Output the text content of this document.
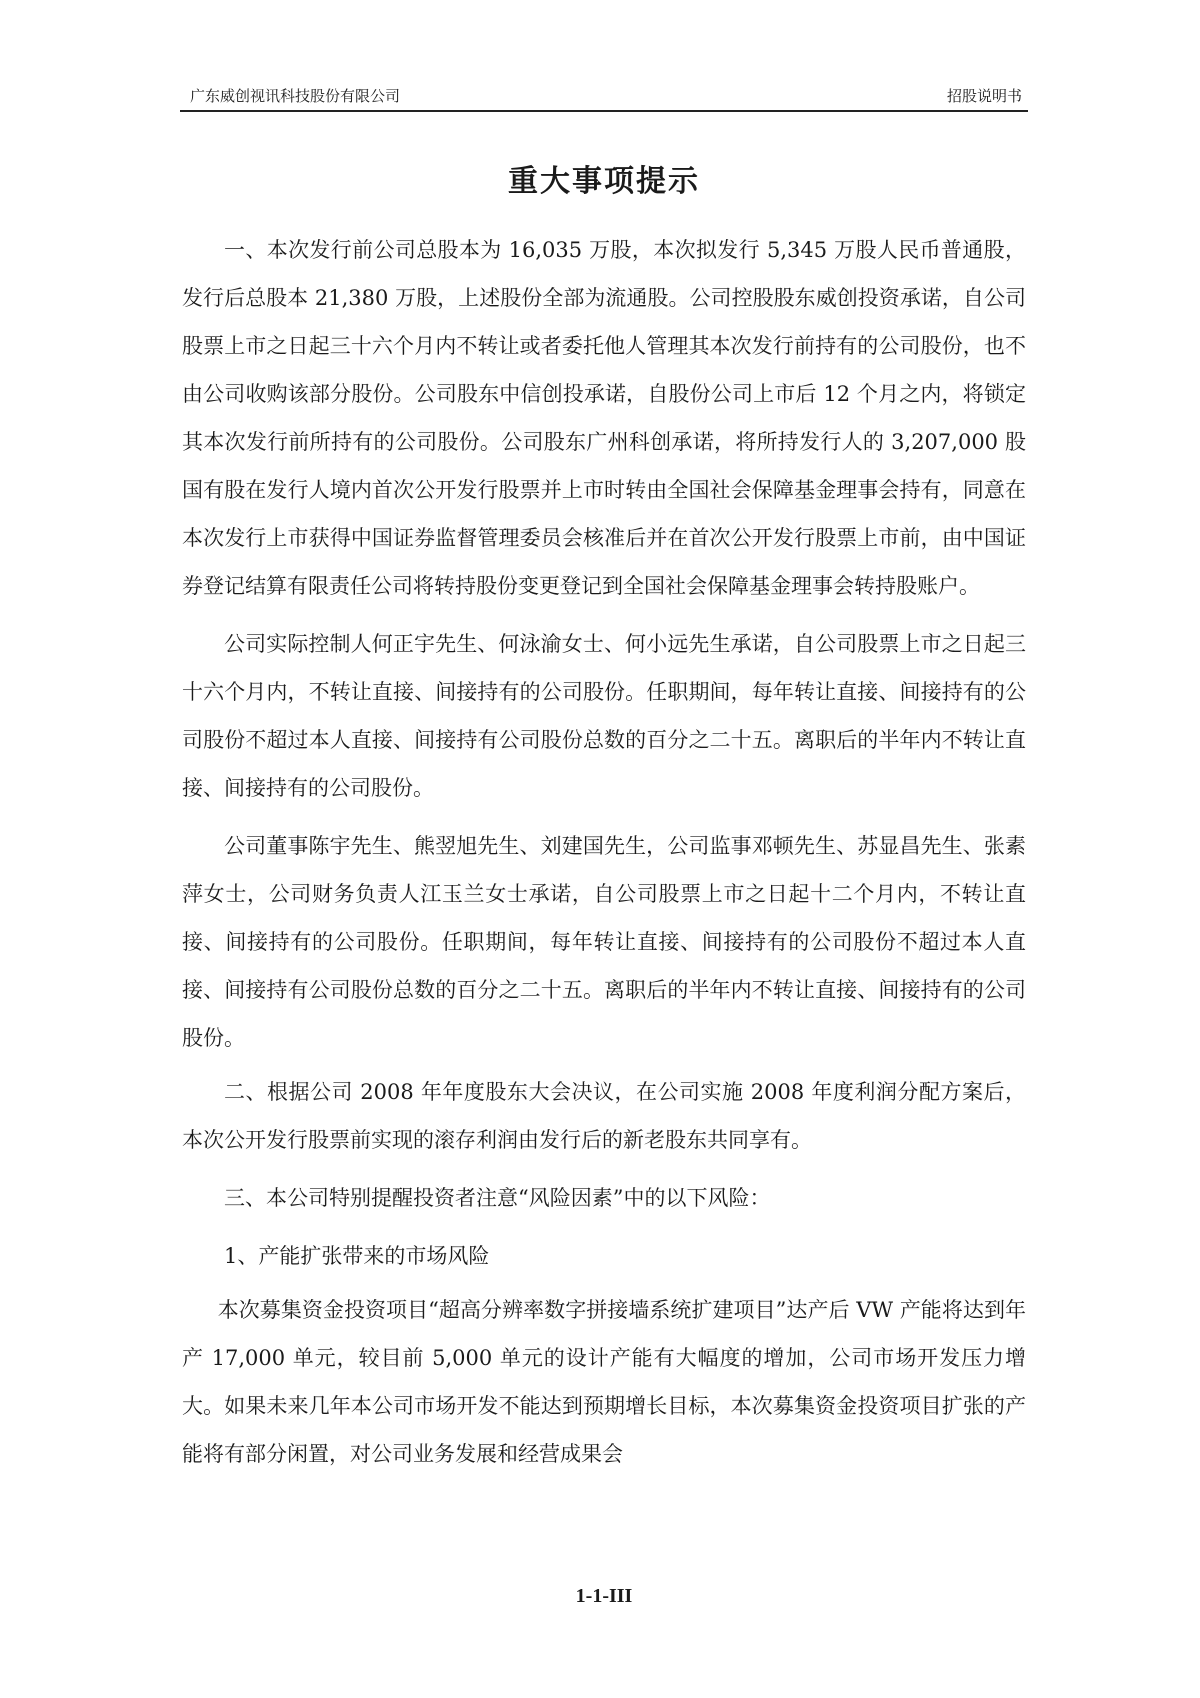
广东威创视讯科技股份有限公司	招股说明书
重大事项提示

一、本次发行前公司总股本为 16,035 万股，本次拟发行 5,345 万股人民币普通股，发行后总股本 21,380 万股，上述股份全部为流通股。公司控股股东威创投资承诺，自公司股票上市之日起三十六个月内不转让或者委托他人管理其本次发行前持有的公司股份，也不由公司收购该部分股份。公司股东中信创投承诺，自股份公司上市后 12 个月之内，将锁定其本次发行前所持有的公司股份。公司股东广州科创承诺，将所持发行人的 3,207,000 股国有股在发行人境内首次公开发行股票并上市时转由全国社会保障基金理事会持有，同意在本次发行上市获得中国证券监督管理委员会核准后并在首次公开发行股票上市前，由中国证券登记结算有限责任公司将转持股份变更登记到全国社会保障基金理事会转持股账户。

公司实际控制人何正宇先生、何泳渝女士、何小远先生承诺，自公司股票上市之日起三十六个月内，不转让直接、间接持有的公司股份。任职期间，每年转让直接、间接持有的公司股份不超过本人直接、间接持有公司股份总数的百分之二十五。离职后的半年内不转让直接、间接持有的公司股份。

公司董事陈宇先生、熊翌旭先生、刘建国先生，公司监事邓顿先生、苏显昌先生、张素萍女士，公司财务负责人江玉兰女士承诺，自公司股票上市之日起十二个月内，不转让直接、间接持有的公司股份。任职期间，每年转让直接、间接持有的公司股份不超过本人直接、间接持有公司股份总数的百分之二十五。离职后的半年内不转让直接、间接持有的公司股份。

二、根据公司 2008 年年度股东大会决议，在公司实施 2008 年度利润分配方案后，本次公开发行股票前实现的滚存利润由发行后的新老股东共同享有。

三、本公司特别提醒投资者注意“风险因素”中的以下风险：

1、产能扩张带来的市场风险

本次募集资金投资项目“超高分辨率数字拼接墙系统扩建项目”达产后 VW 产能将达到年产 17,000 单元，较目前 5,000 单元的设计产能有大幅度的增加，公司市场开发压力增大。如果未来几年本公司市场开发不能达到预期增长目标，本次募集资金投资项目扩张的产能将有部分闲置，对公司业务发展和经营成果会

1-1-III
